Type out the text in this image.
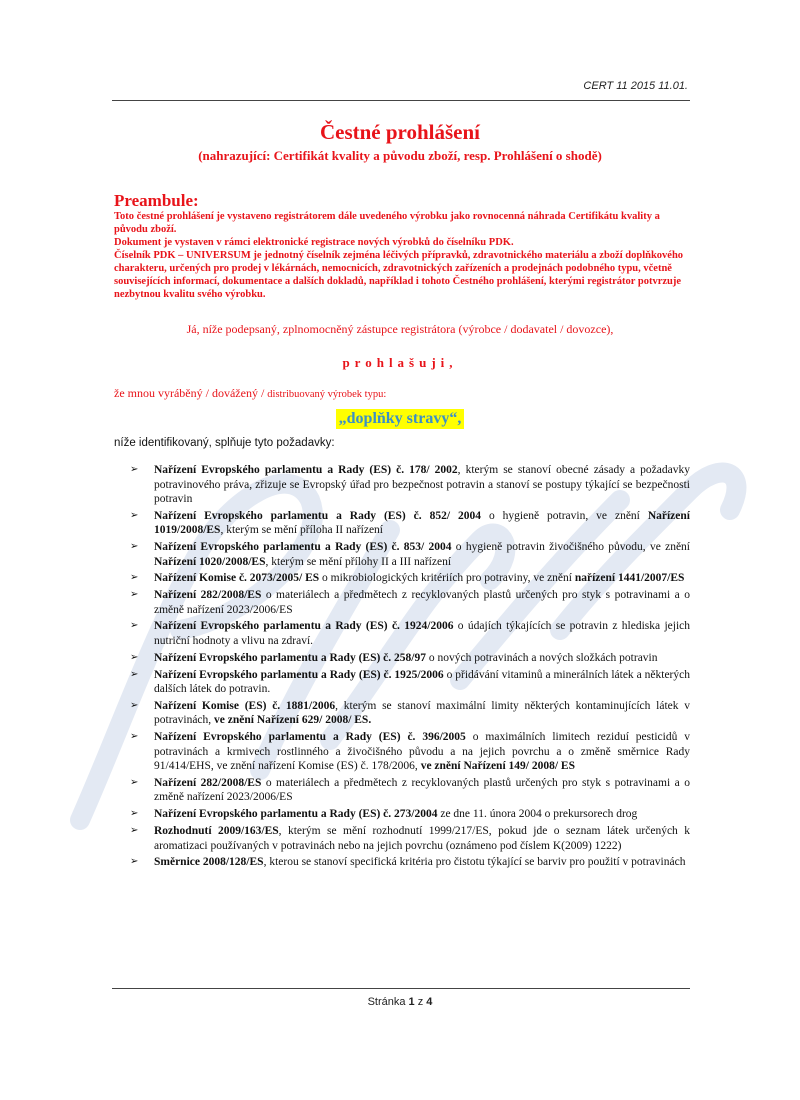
CERT 11 2015 11.01.
Čestné prohlášení
(nahrazující: Certifikát kvality a původu zboží, resp. Prohlášení o shodě)
Preambule:

Toto čestné prohlášení je vystaveno registrátorem dále uvedeného výrobku jako rovnocenná náhrada Certifikátu kvality a původu zboží.

Dokument je vystaven v rámci elektronické registrace nových výrobků do číselníku PDK.

Číselník PDK – UNIVERSUM je jednotný číselník zejména léčivých přípravků, zdravotnického materiálu a zboží doplňkového charakteru, určených pro prodej v lékárnách, nemocnicích, zdravotnických zařízeních a prodejnách podobného typu, včetně souvisejících informací, dokumentace a dalších dokladů, například i tohoto Čestného prohlášení, kterými registrátor potvrzuje nezbytnou kvalitu svého výrobku.

Já, níže podepsaný, zplnomocněný zástupce registrátora (výrobce / dodavatel / dovozce),
prohlašuji,
že mnou vyráběný / dovážený / distribuovaný výrobek typu:
„doplňky stravy“,
níže identifikovaný, splňuje tyto požadavky:
➢ Nařízení Evropského parlamentu a Rady (ES) č. 178/ 2002, kterým se stanoví obecné zásady a požadavky potravinového práva, zřizuje se Evropský úřad pro bezpečnost potravin a stanoví se postupy týkající se bezpečnosti potravin
➢ Nařízení Evropského parlamentu a Rady (ES) č. 852/ 2004 o hygieně potravin, ve znění Nařízení 1019/2008/ES, kterým se mění příloha II nařízení
➢ Nařízení Evropského parlamentu a Rady (ES) č. 853/ 2004 o hygieně potravin živočišného původu, ve znění Nařízení 1020/2008/ES, kterým se mění přílohy II a III nařízení
➢ Nařízení Komise č. 2073/2005/ ES o mikrobiologických kritériích pro potraviny, ve znění nařízení 1441/2007/ES
➢ Nařízení 282/2008/ES o materiálech a předmětech z recyklovaných plastů určených pro styk s potravinami a o změně nařízení 2023/2006/ES
➢ Nařízení Evropského parlamentu a Rady (ES) č. 1924/2006 o údajích týkajících se potravin z hlediska jejich nutriční hodnoty a vlivu na zdraví.
➢ Nařízení Evropského parlamentu a Rady (ES) č. 258/97 o nových potravinách a nových složkách potravin
➢ Nařízení Evropského parlamentu a Rady (ES) č. 1925/2006 o přidávání vitaminů a minerálních látek a některých dalších látek do potravin.
➢ Nařízení Komise (ES) č. 1881/2006, kterým se stanoví maximální limity některých kontaminujících látek v potravinách, ve znění Nařízení 629/ 2008/ ES.
➢ Nařízení Evropského parlamentu a Rady (ES) č. 396/2005 o maximálních limitech reziduí pesticidů v potravinách a krmivech rostlinného a živočišného původu a na jejich povrchu a o změně směrnice Rady 91/414/EHS, ve znění nařízení Komise (ES) č. 178/2006, ve znění Nařízení 149/ 2008/ ES
➢ Nařízení 282/2008/ES o materiálech a předmětech z recyklovaných plastů určených pro styk s potravinami a o změně nařízení 2023/2006/ES
➢ Nařízení Evropského parlamentu a Rady (ES) č. 273/2004 ze dne 11. února 2004 o prekursorech drog
➢ Rozhodnutí 2009/163/ES, kterým se mění rozhodnutí 1999/217/ES, pokud jde o seznam látek určených k aromatizaci používaných v potravinách nebo na jejich povrchu (oznámeno pod číslem K(2009) 1222)
➢ Směrnice 2008/128/ES, kterou se stanoví specifická kritéria pro čistotu týkající se barviv pro použití v potravinách
Stránka 1 z 4
